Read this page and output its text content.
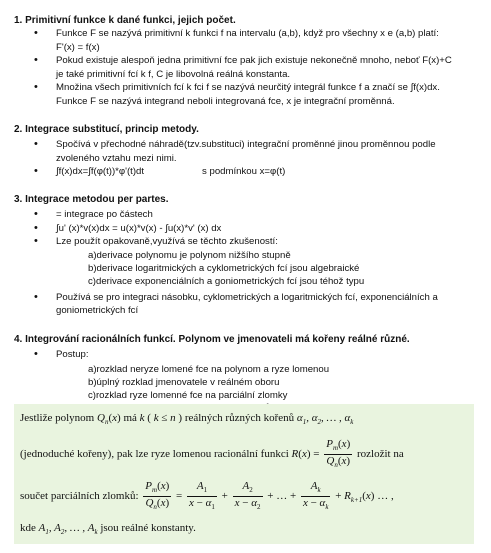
1. Primitivní funkce k dané funkci, jejich počet.
• Funkce F se nazývá primitivní k funkci f na intervalu (a,b), když pro všechny x e (a,b) platí:
F'(x) = f(x)
• Pokud existuje alespoň jedna primitivní fce pak jich existuje nekonečně mnoho, neboť F(x)+C
je také primitivní fcí k f, C je libovolná reálná konstanta.
• Množina všech primitivních fcí k fci f se nazývá neurčitý integrál funkce f a značí se ∫f(x)dx.
Funkce F se nazývá integrand neboli integrovaná fce, x je integrační proměnná.
2. Integrace substitucí, princip metody.
• Spočívá v přechodné náhradě(tzv.substituci) integrační proměnné jinou proměnnou podle
zvoleného vztahu mezi nimi.
• ∫f(x)dx=∫f(φ(t))*φ'(t)dt	s podmínkou x=φ(t)
3. Integrace metodou per partes.
• = integrace po částech
• ∫u' (x)*v(x)dx = u(x)*v(x) - ∫u(x)*v' (x) dx
• Lze použít opakovaně,využívá se těchto zkušeností:
a)derivace polynomu je polynom nižšího stupně
b)derivace logaritmických a cyklometrických fcí jsou algebraické
c)derivace exponenciálních a goniometrických fcí jsou téhož typu
• Používá se pro integraci násobku, cyklometrických a logaritmických fcí, exponenciálních a
goniometrických fcí
4. Integrování racionálních funkcí. Polynom ve jmenovateli má kořeny reálné různé.
• Postup:
a)rozklad neryze lomené fce na polynom a ryze lomenou
b)úplný rozklad jmenovatele v reálném oboru
c)rozklad ryze lomenné fce na parciální zlomky
Jestliže polynom $Q_n(x)$ má k ( k ≤ n ) reálných různých kořenů $\alpha_1$, $\alpha_2$, … , $\alpha_k$
(jednoduché kořeny), pak lze ryze lomenou racionální funkci $R(x) = \frac{P_m(x)}{Q_n(x)}$ rozložit na
součet parciálních zlomků: $\frac{P_m(x)}{Q_n(x)} = \frac{A_1}{x - \alpha_1} + \frac{A_2}{x - \alpha_2}$ + … + $\frac{A_k}{x - \alpha_k} + R_{k+1}(x)$ … ,
kde $A_1$, $A_2$, … , $A_k$ jsou reálné konstanty.
